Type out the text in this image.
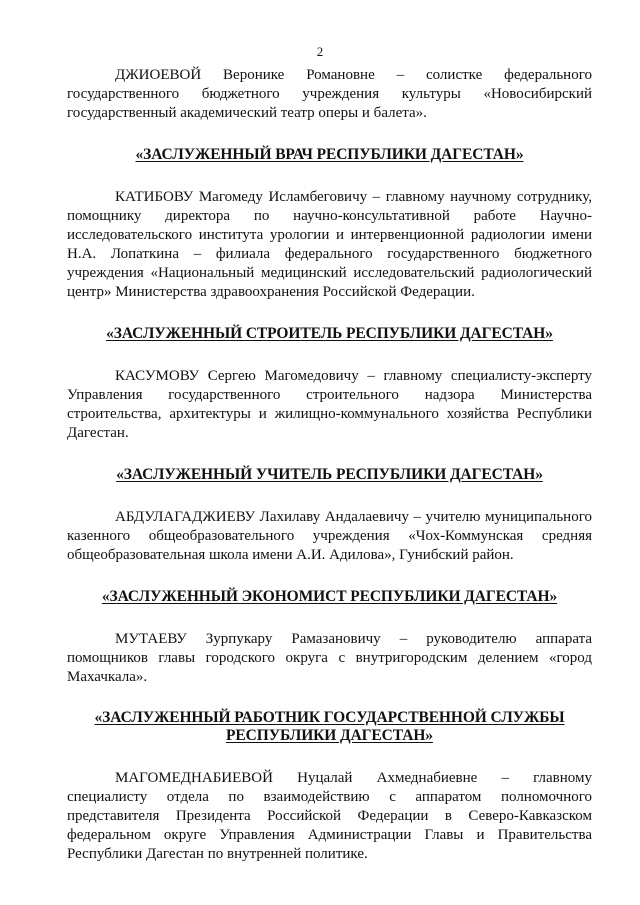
2

ДЖИОЕВОЙ Веронике Романовне – солистке федерального государственного бюджетного учреждения культуры «Новосибирский государственный академический театр оперы и балета».

«ЗАСЛУЖЕННЫЙ ВРАЧ РЕСПУБЛИКИ ДАГЕСТАН»

КАТИБОВУ Магомеду Исламбеговичу – главному научному сотруднику, помощнику директора по научно-консультативной работе Научно-исследовательского института урологии и интервенционной радиологии имени Н.А. Лопаткина – филиала федерального государственного бюджетного учреждения «Национальный медицинский исследовательский радиологический центр» Министерства здравоохранения Российской Федерации.

«ЗАСЛУЖЕННЫЙ СТРОИТЕЛЬ РЕСПУБЛИКИ ДАГЕСТАН»

КАСУМОВУ Сергею Магомедовичу – главному специалисту-эксперту Управления государственного строительного надзора Министерства строительства, архитектуры и жилищно-коммунального хозяйства Республики Дагестан.

«ЗАСЛУЖЕННЫЙ УЧИТЕЛЬ РЕСПУБЛИКИ ДАГЕСТАН»

АБДУЛАГАДЖИЕВУ Лахилаву Андалаевичу – учителю муниципального казенного общеобразовательного учреждения «Чох-Коммунская средняя общеобразовательная школа имени А.И. Адилова», Гунибский район.

«ЗАСЛУЖЕННЫЙ ЭКОНОМИСТ РЕСПУБЛИКИ ДАГЕСТАН»

МУТАЕВУ Зурпукару Рамазановичу – руководителю аппарата помощников главы городского округа с внутригородским делением «город Махачкала».

«ЗАСЛУЖЕННЫЙ РАБОТНИК ГОСУДАРСТВЕННОЙ СЛУЖБЫ
РЕСПУБЛИКИ ДАГЕСТАН»

МАГОМЕДНАБИЕВОЙ Нуцалай Ахмеднабиевне – главному специалисту отдела по взаимодействию с аппаратом полномочного представителя Президента Российской Федерации в Северо-Кавказском федеральном округе Управления Администрации Главы и Правительства Республики Дагестан по внутренней политике.
